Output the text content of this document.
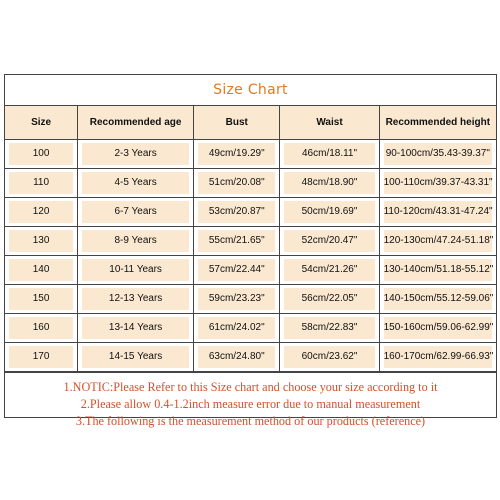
Size Chart
Size	Recommended age	Bust	Waist	Recommended height

100	2-3 Years	49cm/19.29"	46cm/18.11"	90-100cm/35.43-39.37"

110	4-5 Years	51cm/20.08"	48cm/18.90"	100-110cm/39.37-43.31"

120	6-7 Years	53cm/20.87"	50cm/19.69"	110-120cm/43.31-47.24"

130	8-9 Years	55cm/21.65"	52cm/20.47"	120-130cm/47.24-51.18"

140	10-11 Years	57cm/22.44"	54cm/21.26"	130-140cm/51.18-55.12"

150	12-13 Years	59cm/23.23"	56cm/22.05"	140-150cm/55.12-59.06"

160	13-14 Years	61cm/24.02"	58cm/22.83"	150-160cm/59.06-62.99"

170	14-15 Years	63cm/24.80"	60cm/23.62"	160-170cm/62.99-66.93"
1.NOTIC:Please Refer to this Size chart and choose your size according to it
2.Please allow 0.4-1.2inch measure error due to manual measurement
3.The following is the measurement method of our products (reference)
